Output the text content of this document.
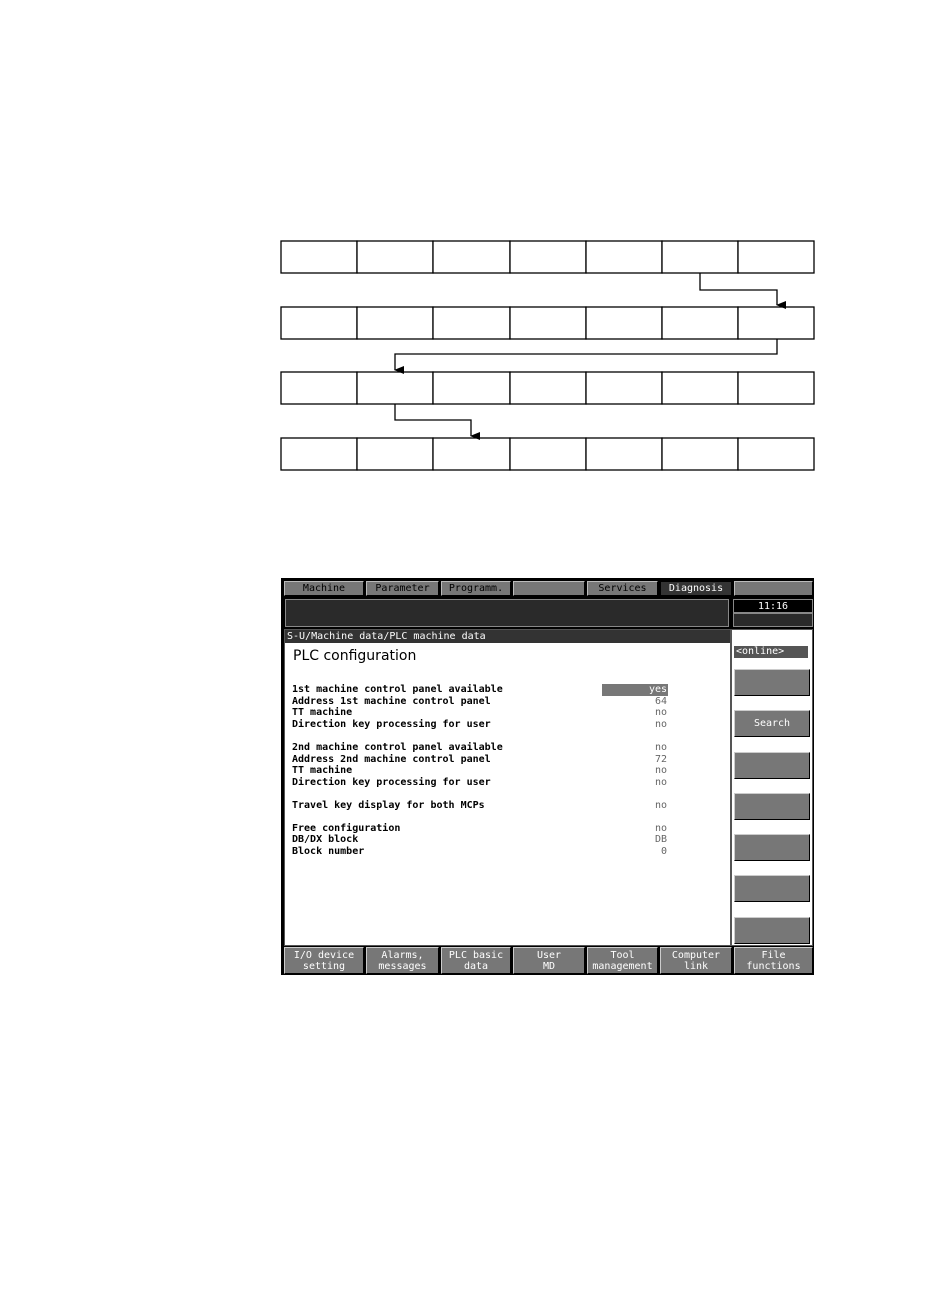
Machine	Parameter	Programm.	Services	Diagnosis
11:16
S-U/Machine data/PLC machine data
PLC configuration
1st machine control panel available	yes
Address 1st machine control panel	64
TT machine	no
Direction key processing for user	no
2nd machine control panel available	no
Address 2nd machine control panel	72
TT machine	no
Direction key processing for user	no
Travel key display for both MCPs	no
Free configuration	no
DB/DX block	DB
Block number	0
<online>
Search
I/O device
setting
Alarms,
messages
PLC basic
data
User
MD
Tool
management
Computer
link
File
functions
